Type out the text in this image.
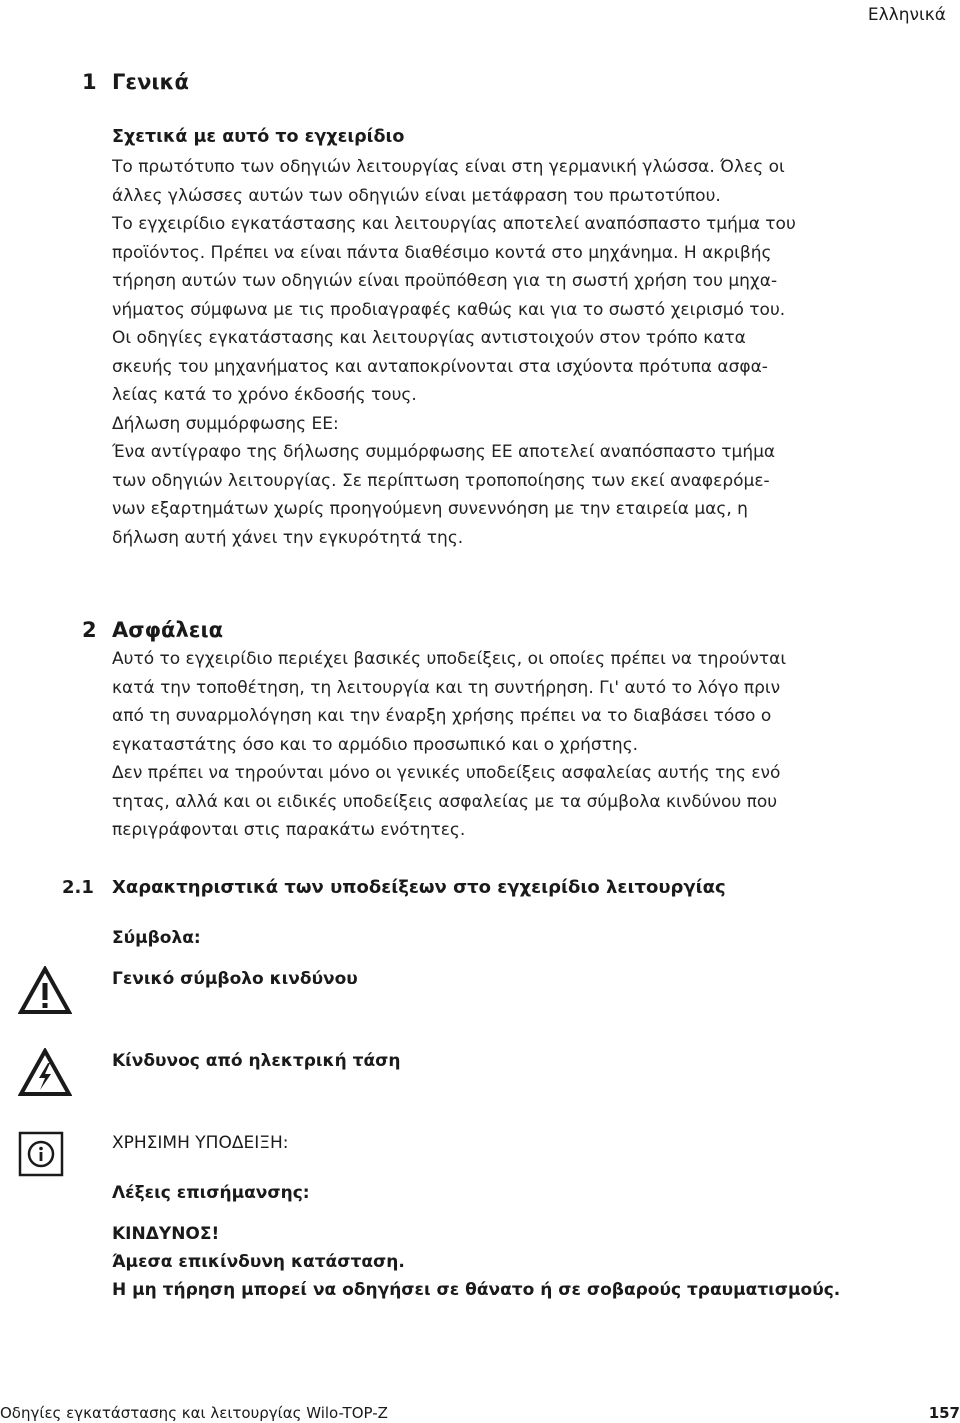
Ελληνικά
1 Γενικά
Σχετικά με αυτό το εγχειρίδιο

Το πρωτότυπο των οδηγιών λειτουργίας είναι στη γερμανική γλώσσα. Όλες οι

άλλες γλώσσες αυτών των οδηγιών είναι μετάφραση του πρωτοτύπου.

Το εγχειρίδιο εγκατάστασης και λειτουργίας αποτελεί αναπόσπαστο τμήμα του

προϊόντος. Πρέπει να είναι πάντα διαθέσιμο κοντά στο μηχάνημα. Η ακριβής

τήρηση αυτών των οδηγιών είναι προϋπόθεση για τη σωστή χρήση του μηχα-

νήματος σύμφωνα με τις προδιαγραφές καθώς και για το σωστό χειρισμό του.

Οι οδηγίες εγκατάστασης και λειτουργίας αντιστοιχούν στον τρόπο κατα

σκευής του μηχανήματος και ανταποκρίνονται στα ισχύοντα πρότυπα ασφα-

λείας κατά το χρόνο έκδοσής τους.

Δήλωση συμμόρφωσης ΕΕ:

Ένα αντίγραφο της δήλωσης συμμόρφωσης ΕΕ αποτελεί αναπόσπαστο τμήμα

των οδηγιών λειτουργίας. Σε περίπτωση τροποποίησης των εκεί αναφερόμε-

νων εξαρτημάτων χωρίς προηγούμενη συνεννόηση με την εταιρεία μας, η

δήλωση αυτή χάνει την εγκυρότητά της.

2 Ασφάλεια

Αυτό το εγχειρίδιο περιέχει βασικές υποδείξεις, οι οποίες πρέπει να τηρούνται

κατά την τοποθέτηση, τη λειτουργία και τη συντήρηση. Γι' αυτό το λόγο πριν

από τη συναρμολόγηση και την έναρξη χρήσης πρέπει να το διαβάσει τόσο ο

εγκαταστάτης όσο και το αρμόδιο προσωπικό και ο χρήστης.

Δεν πρέπει να τηρούνται μόνο οι γενικές υποδείξεις ασφαλείας αυτής της ενό

τητας, αλλά και οι ειδικές υποδείξεις ασφαλείας με τα σύμβολα κινδύνου που

περιγράφονται στις παρακάτω ενότητες.

2.1 Χαρακτηριστικά των υποδείξεων στο εγχειρίδιο λειτουργίας
Σύμβολα:
Γενικό σύμβολο κινδύνου
Κίνδυνος από ηλεκτρική τάση
ΧΡΗΣΙΜΗ ΥΠΟΔΕΙΞΗ:
Λέξεις επισήμανσης:
ΚΙΝΔΥΝΟΣ!
Άμεσα επικίνδυνη κατάσταση.
Η μη τήρηση μπορεί να οδηγήσει σε θάνατο ή σε σοβαρούς τραυματισμούς.
Οδηγίες εγκατάστασης και λειτουργίας Wilo-TOP-Z	157
